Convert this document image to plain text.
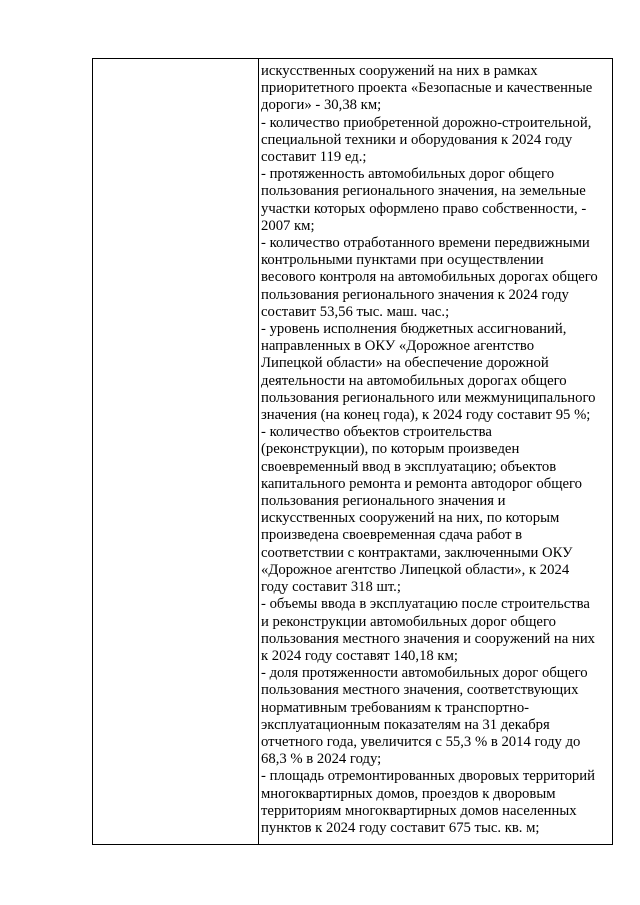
искусственных сооружений на них в рамках
приоритетного проекта «Безопасные и качественные
дороги» - 30,38 км;

- количество приобретенной дорожно-строительной,
специальной техники и оборудования к 2024 году
составит 119 ед.;

- протяженность автомобильных дорог общего
пользования регионального значения, на земельные
участки которых оформлено право собственности, -
2007 км;

- количество отработанного времени передвижными
контрольными пунктами при осуществлении
весового контроля на автомобильных дорогах общего
пользования регионального значения к 2024 году
составит 53,56 тыс. маш. час.;

- уровень исполнения бюджетных ассигнований,
направленных в ОКУ «Дорожное агентство
Липецкой области» на обеспечение дорожной
деятельности на автомобильных дорогах общего
пользования регионального или межмуниципального
значения (на конец года), к 2024 году составит 95 %;

- количество объектов строительства
(реконструкции), по которым произведен
своевременный ввод в эксплуатацию; объектов
капитального ремонта и ремонта автодорог общего
пользования регионального значения и
искусственных сооружений на них, по которым
произведена своевременная сдача работ в
соответствии с контрактами, заключенными ОКУ
«Дорожное агентство Липецкой области», к 2024
году составит 318 шт.;

- объемы ввода в эксплуатацию после строительства
и реконструкции автомобильных дорог общего
пользования местного значения и сооружений на них
к 2024 году составят 140,18 км;

- доля протяженности автомобильных дорог общего
пользования местного значения, соответствующих
нормативным требованиям к транспортно-
эксплуатационным показателям на 31 декабря
отчетного года, увеличится с 55,3 % в 2014 году до
68,3 % в 2024 году;

- площадь отремонтированных дворовых территорий
многоквартирных домов, проездов к дворовым
территориям многоквартирных домов населенных
пунктов к 2024 году составит 675 тыс. кв. м;
